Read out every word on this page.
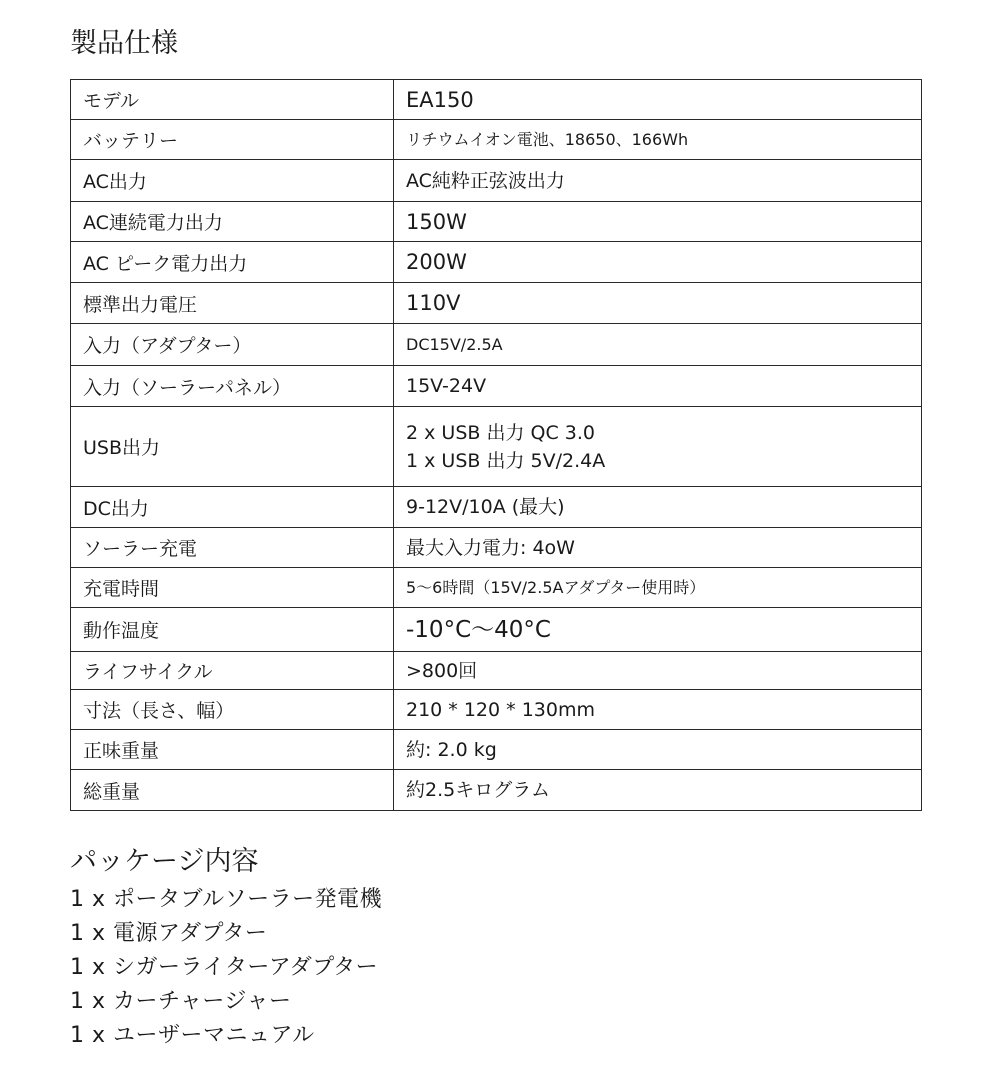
製品仕様
モデル	EA150

バッテリー	リチウムイオン電池、18650、166Wh

AC出力	AC純粋正弦波出力

AC連続電力出力	150W

AC ピーク電力出力	200W

標準出力電圧	110V

入力（アダプター）	DC15V/2.5A

入力（ソーラーパネル）	15V-24V

USB出力	2 x USB 出力 QC 3.0
1 x USB 出力 5V/2.4A

DC出力	9-12V/10A (最大)

ソーラー充電	最大入力電力: 4oW

充電時間	5〜6時間（15V/2.5Aアダプター使用時）

動作温度	-10°C〜40°C

ライフサイクル	>800回

寸法（長さ、幅）	210 * 120 * 130mm

正味重量	約: 2.0 kg

総重量	約2.5キログラム
パッケージ内容
1 x ポータブルソーラー発電機
1 x 電源アダプター
1 x シガーライターアダプター
1 x カーチャージャー
1 x ユーザーマニュアル
